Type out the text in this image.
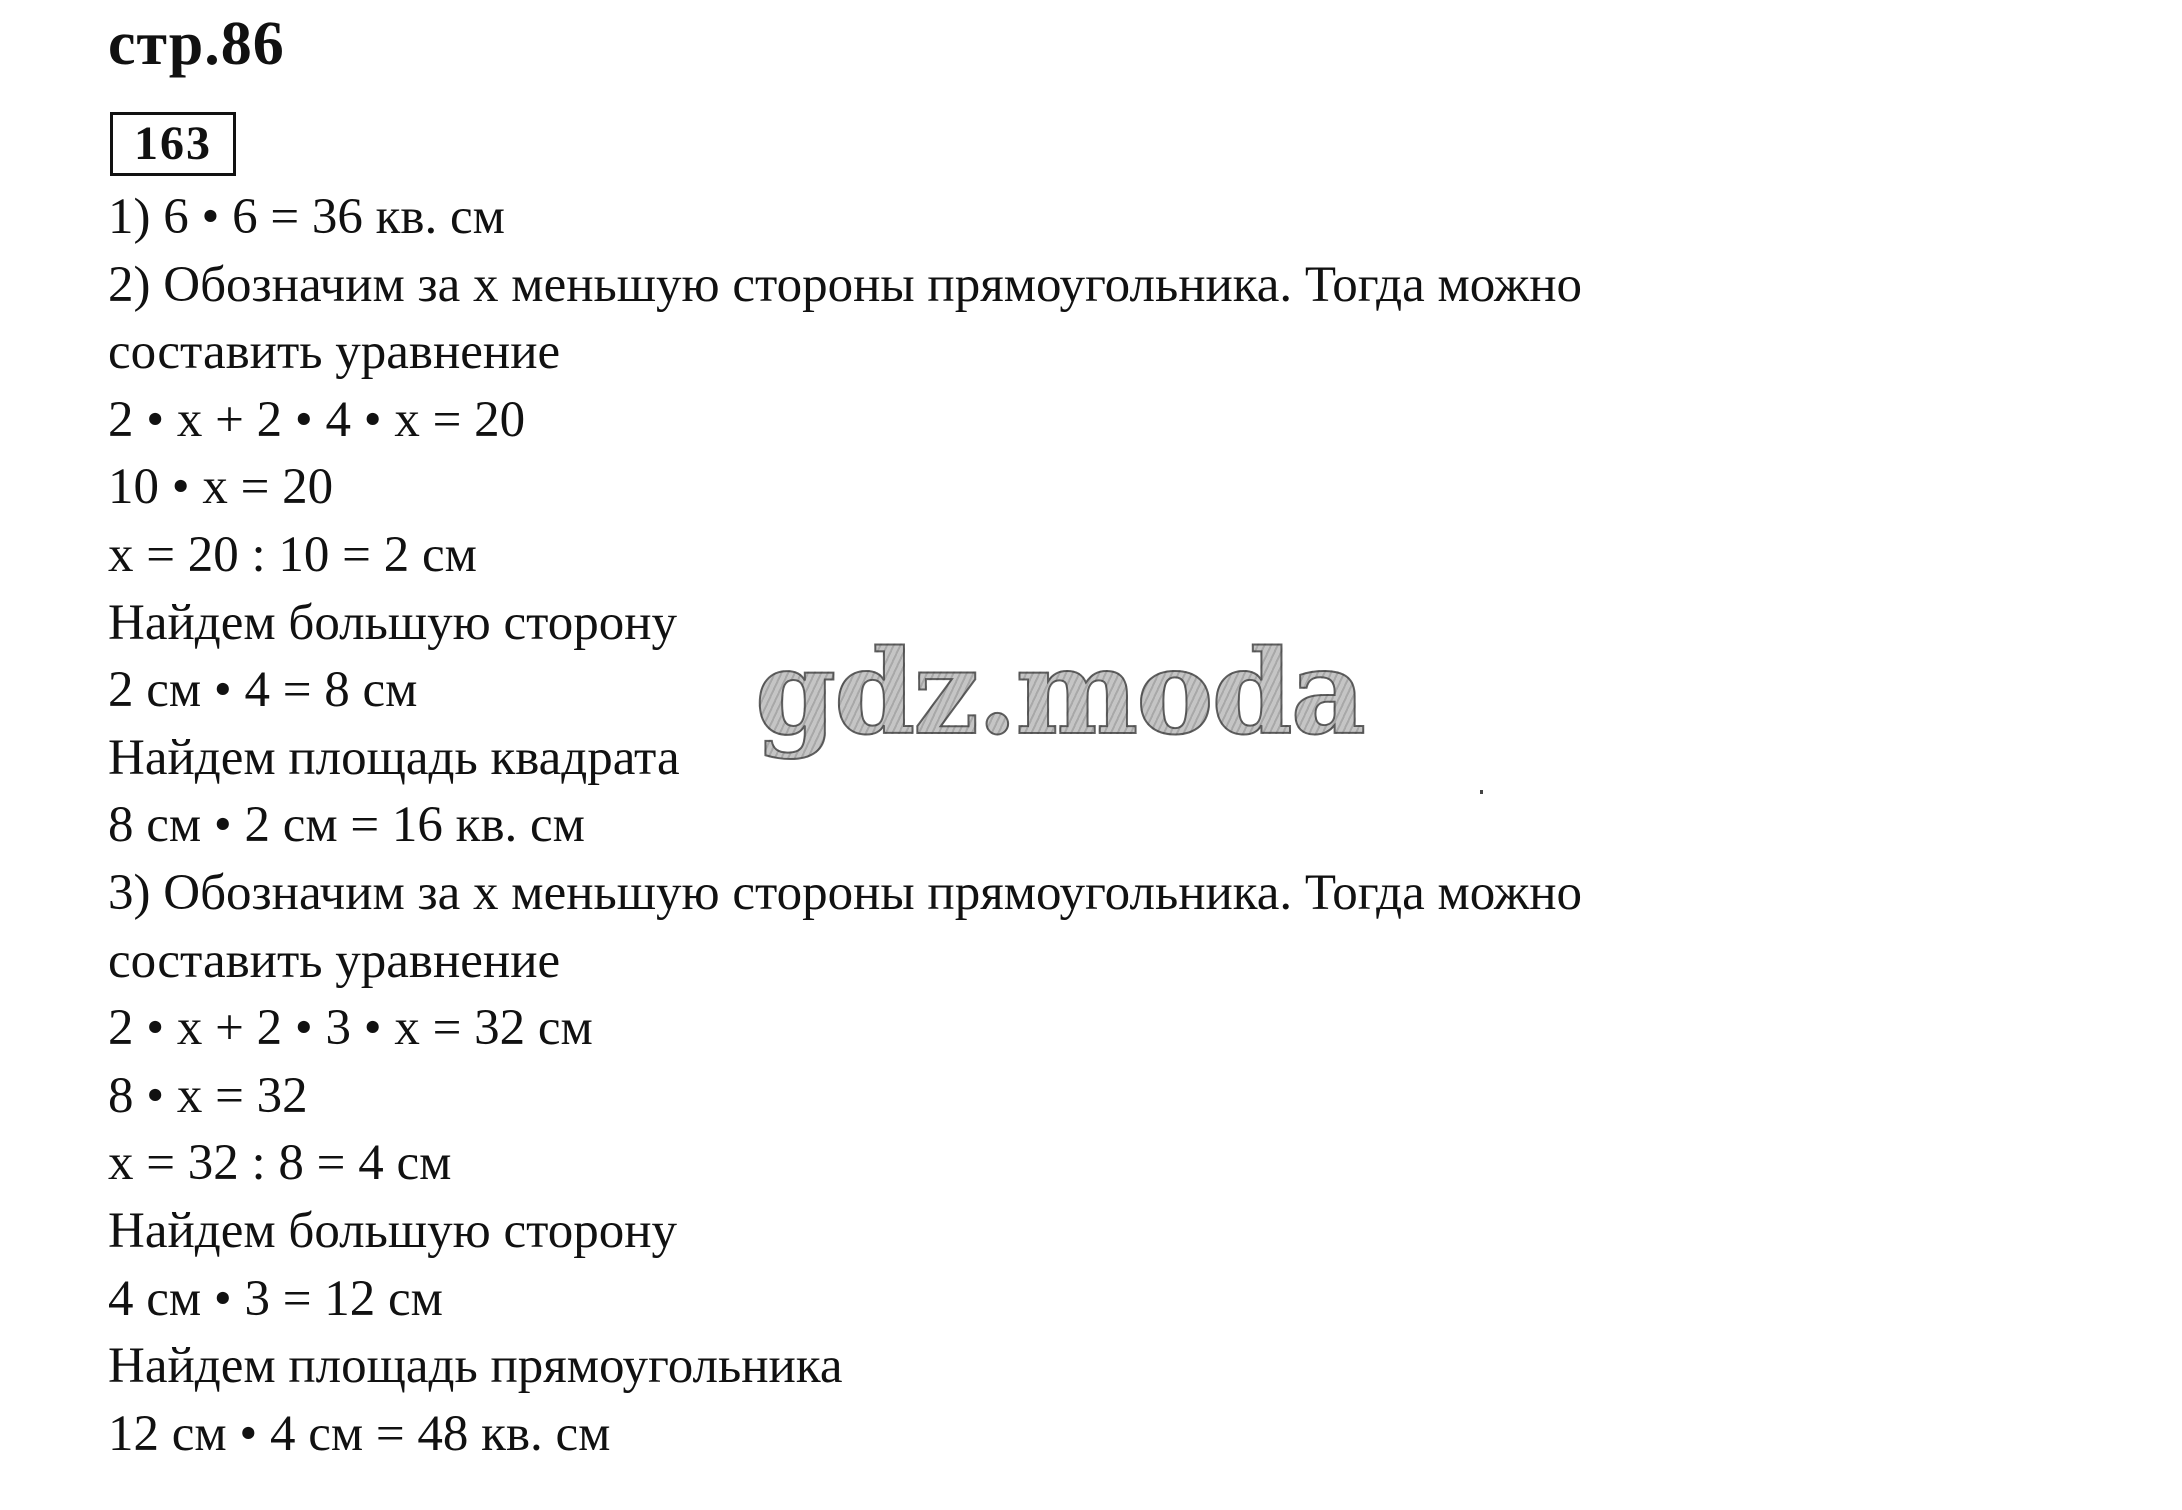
стр.86
163
1) 6 • 6 = 36 кв. см
2) Обозначим за х меньшую стороны прямоугольника. Тогда можно
составить уравнение
2 • х + 2 • 4 • х = 20
10 • х = 20
х = 20 : 10 = 2 см
Найдем большую сторону
2 см • 4 = 8 см
Найдем площадь квадрата
8 см • 2 см = 16 кв. см
3) Обозначим за х меньшую стороны прямоугольника. Тогда можно
составить уравнение
2 • х + 2 • 3 • х = 32 см
8 • х = 32
х = 32 : 8 = 4 см
Найдем большую сторону
4 см • 3 = 12 см
Найдем площадь прямоугольника
12 см • 4 см = 48 кв. см
gdz.moda
